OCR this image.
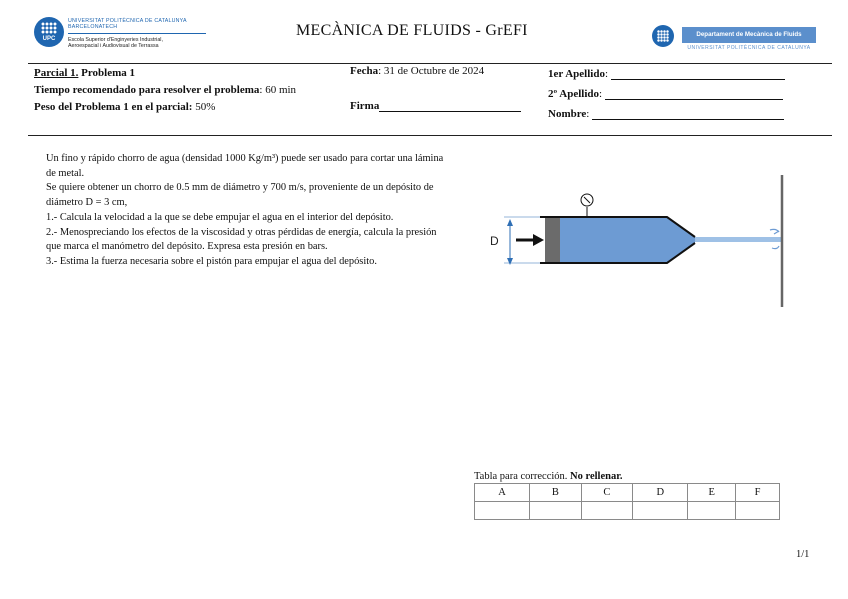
UPC
UNIVERSITAT POLITÈCNICA DE CATALUNYA
BARCELONATECH
Escola Superior d'Enginyeries Industrial,
Aeroespacial i Audiovisual de Terrassa
MECÀNICA DE FLUIDS - GrEFI	Departament de Mecànica de Fluids
UNIVERSITAT POLITÈCNICA DE CATALUNYA
Parcial 1. Problema 1
Tiempo recomendado para resolver el problema: 60 min
Peso del Problema 1 en el parcial: 50%
Fecha: 31 de Octubre de 2024
Firma
1er Apellido:
2º Apellido:
Nombre:

Un fino y rápido chorro de agua (densidad 1000 Kg/m³) puede ser usado para cortar una lámina de metal.

Se quiere obtener un chorro de 0.5 mm de diámetro y 700 m/s, proveniente de un depósito de diámetro D = 3 cm,

1.- Calcula la velocidad a la que se debe empujar el agua en el interior del depósito.

2.- Menospreciando los efectos de la viscosidad y otras pérdidas de energía, calcula la presión que marca el manómetro del depósito. Expresa esta presión en bars.

3.- Estima la fuerza necesaria sobre el pistón para empujar el agua del depósito.

D
Tabla para corrección. No rellenar.
A	B	C	D	E	F

1/1
